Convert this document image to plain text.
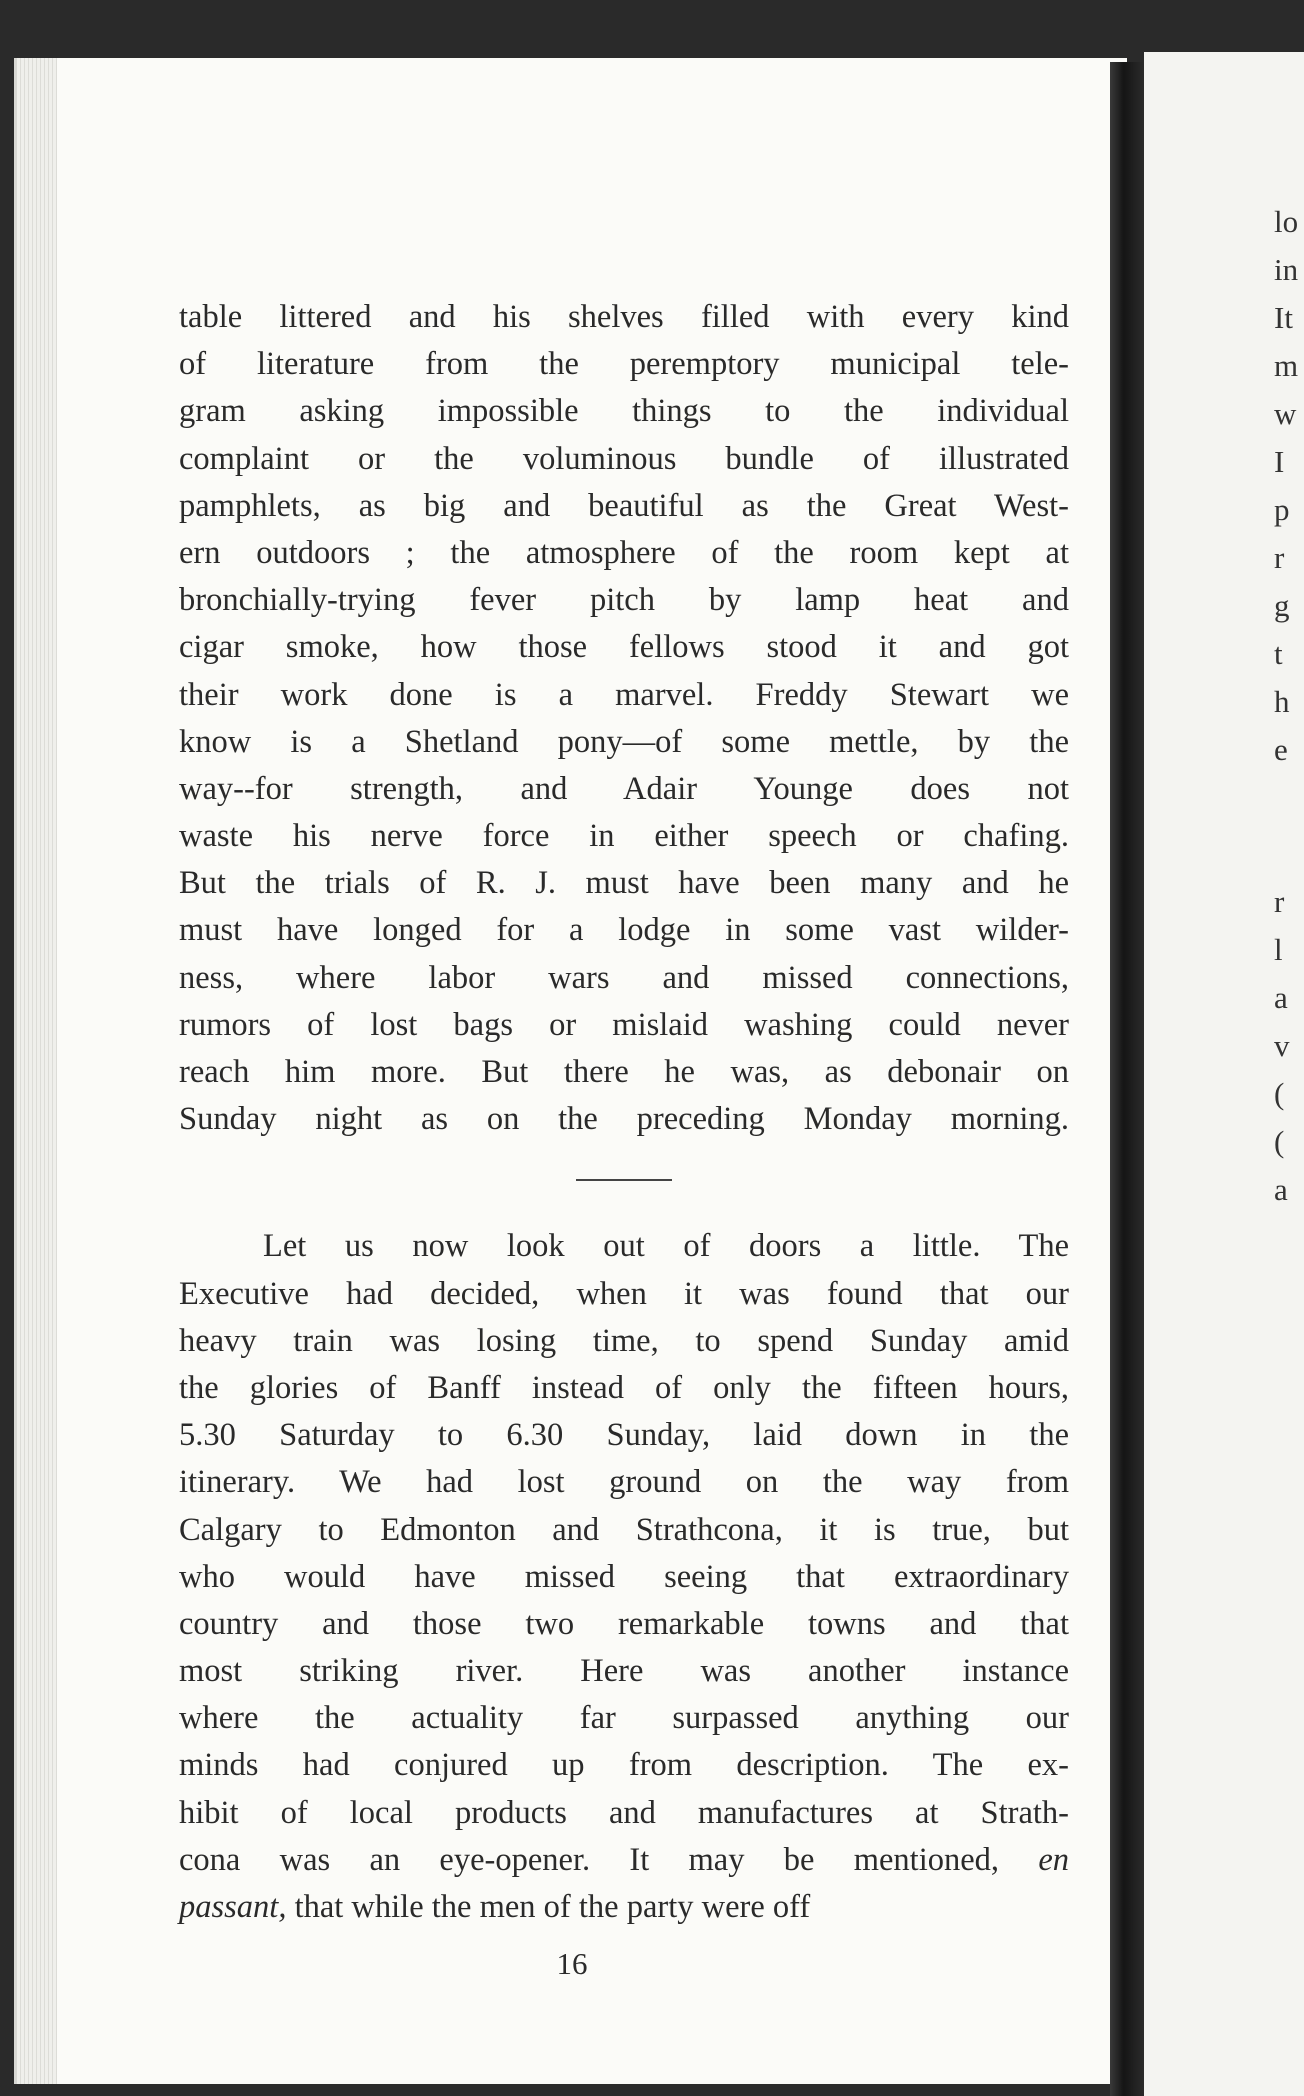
table littered and his shelves filled with every kind
of literature from the peremptory municipal tele-
gram asking impossible things to the individual
complaint or the voluminous bundle of illustrated
pamphlets, as big and beautiful as the Great West-
ern outdoors ; the atmosphere of the room kept at
bronchially-trying fever pitch by lamp heat and
cigar smoke, how those fellows stood it and got
their work done is a marvel. Freddy Stewart we
know is a Shetland pony—of some mettle, by the
way--for strength, and Adair Younge does not
waste his nerve force in either speech or chafing.
But the trials of R. J. must have been many and he
must have longed for a lodge in some vast wilder-
ness, where labor wars and missed connections,
rumors of lost bags or mislaid washing could never
reach him more. But there he was, as debonair on
Sunday night as on the preceding Monday morning.
Let us now look out of doors a little. The
Executive had decided, when it was found that our
heavy train was losing time, to spend Sunday amid
the glories of Banff instead of only the fifteen hours,
5.30 Saturday to 6.30 Sunday, laid down in the
itinerary. We had lost ground on the way from
Calgary to Edmonton and Strathcona, it is true, but
who would have missed seeing that extraordinary
country and those two remarkable towns and that
most striking river. Here was another instance
where the actuality far surpassed anything our
minds had conjured up from description. The ex-
hibit of local products and manufactures at Strath-
cona was an eye-opener. It may be mentioned, en
passant, that while the men of the party were off
16
lo
in
It
m
w
I
p
r
g
t
h
e
r
l
a
v
(
(
a
